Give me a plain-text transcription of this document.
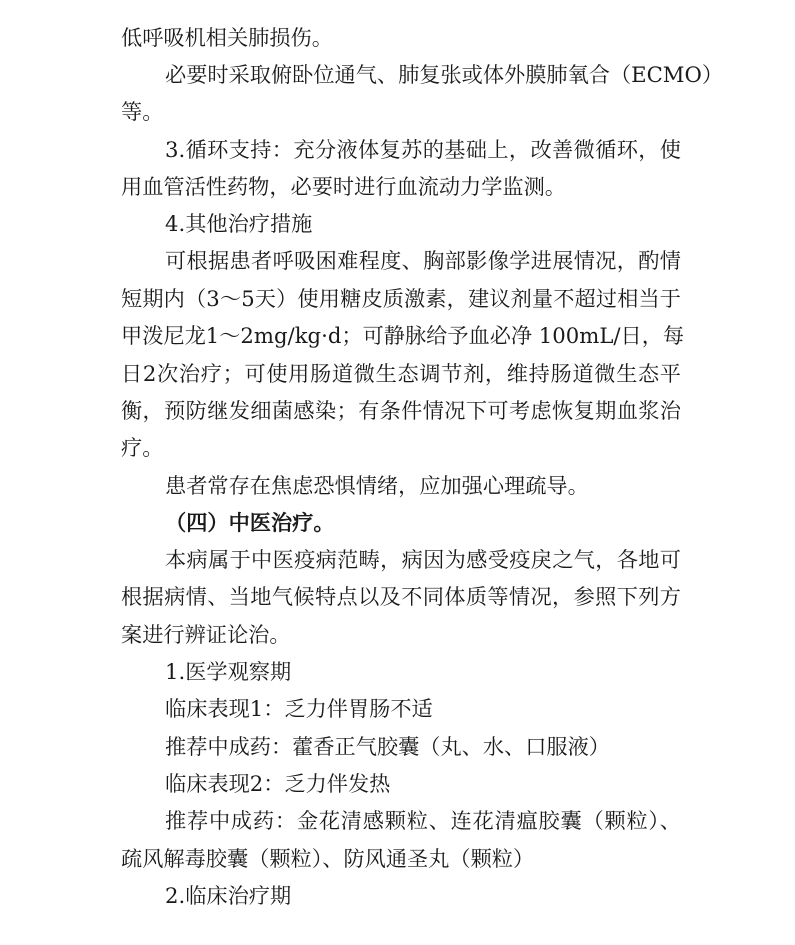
低呼吸机相关肺损伤。
必要时采取俯卧位通气、肺复张或体外膜肺氧合（ECMO）
等。
3.循环支持：充分液体复苏的基础上，改善微循环，使
用血管活性药物，必要时进行血流动力学监测。
4.其他治疗措施
可根据患者呼吸困难程度、胸部影像学进展情况，酌情
短期内（3～5天）使用糖皮质激素，建议剂量不超过相当于
甲泼尼龙1～2mg/kg·d；可静脉给予血必净 100mL/日，每
日2次治疗；可使用肠道微生态调节剂，维持肠道微生态平
衡，预防继发细菌感染；有条件情况下可考虑恢复期血浆治
疗。
患者常存在焦虑恐惧情绪，应加强心理疏导。
（四）中医治疗。
本病属于中医疫病范畴，病因为感受疫戾之气，各地可
根据病情、当地气候特点以及不同体质等情况，参照下列方
案进行辨证论治。
1.医学观察期
临床表现1：乏力伴胃肠不适
推荐中成药：藿香正气胶囊（丸、水、口服液）
临床表现2：乏力伴发热
推荐中成药：金花清感颗粒、连花清瘟胶囊（颗粒）、
疏风解毒胶囊（颗粒）、防风通圣丸（颗粒）
2.临床治疗期
